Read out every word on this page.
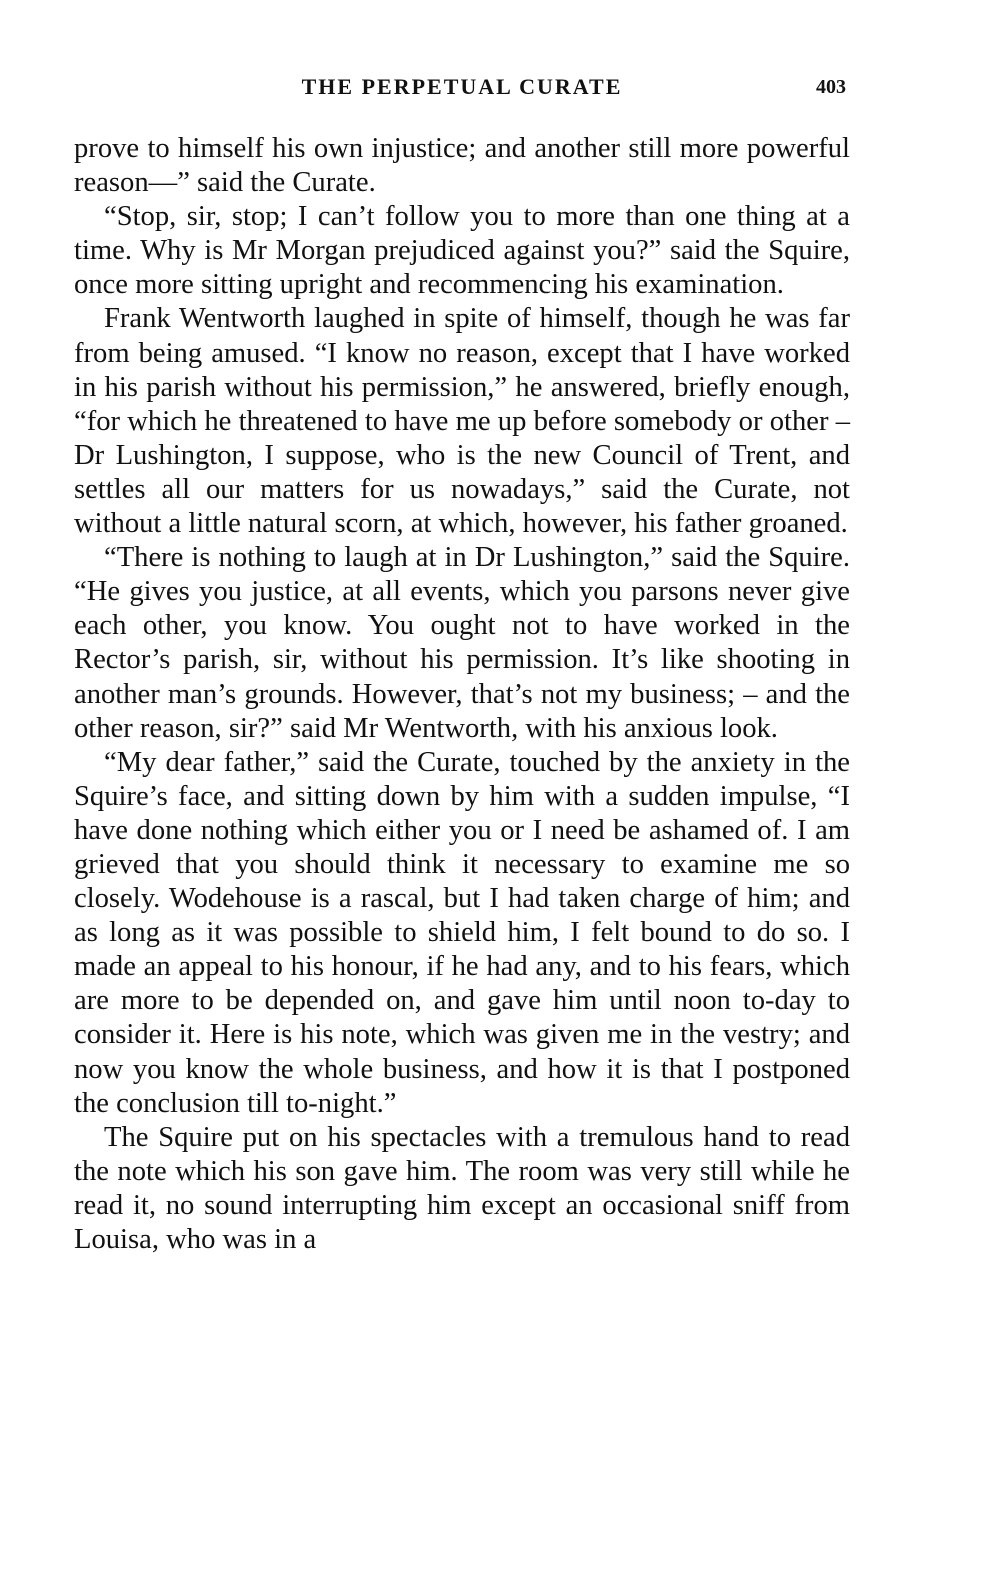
THE PERPETUAL CURATE	403

prove to himself his own injustice; and another still more powerful reason—” said the Curate.

“Stop, sir, stop; I can’t follow you to more than one thing at a time. Why is Mr Morgan prejudiced against you?” said the Squire, once more sitting upright and recommencing his examination.

Frank Wentworth laughed in spite of himself, though he was far from being amused. “I know no reason, except that I have worked in his parish without his permission,” he answered, briefly enough, “for which he threatened to have me up before somebody or other – Dr Lushington, I suppose, who is the new Council of Trent, and settles all our matters for us nowadays,” said the Curate, not without a little natural scorn, at which, however, his father groaned.

“There is nothing to laugh at in Dr Lushington,” said the Squire. “He gives you justice, at all events, which you parsons never give each other, you know. You ought not to have worked in the Rector’s parish, sir, without his permission. It’s like shooting in another man’s grounds. However, that’s not my business; – and the other reason, sir?” said Mr Wentworth, with his anxious look.

“My dear father,” said the Curate, touched by the anxiety in the Squire’s face, and sitting down by him with a sudden impulse, “I have done nothing which either you or I need be ashamed of. I am grieved that you should think it necessary to examine me so closely. Wodehouse is a rascal, but I had taken charge of him; and as long as it was possible to shield him, I felt bound to do so. I made an appeal to his honour, if he had any, and to his fears, which are more to be depended on, and gave him until noon to-day to consider it. Here is his note, which was given me in the vestry; and now you know the whole business, and how it is that I postponed the conclusion till to-night.”

The Squire put on his spectacles with a tremulous hand to read the note which his son gave him. The room was very still while he read it, no sound interrupting him except an occasional sniff from Louisa, who was in a
